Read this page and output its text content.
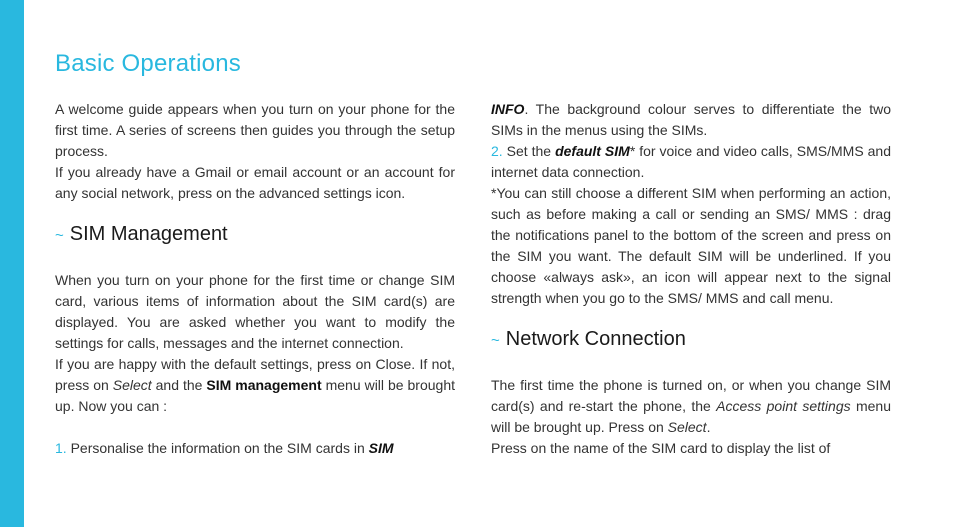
Basic Operations

A welcome guide appears when you turn on your phone for the first time. A series of screens then guides you through the setup process.

If you already have a Gmail or email account or an account for any social network, press on the advanced settings icon.

~ SIM Management

When you turn on your phone for the first time or change SIM card, various items of information about the SIM card(s) are displayed. You are asked whether you want to modify the settings for calls, messages and the internet connection.

If you are happy with the default settings, press on Close. If not, press on Select and the SIM management menu will be brought up. Now you can :

1. Personalise the information on the SIM cards in SIM

INFO. The background colour serves to differentiate the two SIMs in the menus using the SIMs.

2. Set the default SIM* for voice and video calls, SMS/MMS and internet data connection.

*You can still choose a different SIM when performing an action, such as before making a call or sending an SMS/ MMS : drag the notifications panel to the bottom of the screen and press on the SIM you want. The default SIM will be underlined. If you choose «always ask», an icon will appear next to the signal strength when you go to the SMS/ MMS and call menu.

~ Network Connection

The first time the phone is turned on, or when you change SIM card(s) and re-start the phone, the Access point settings menu will be brought up. Press on Select.

Press on the name of the SIM card to display the list of
